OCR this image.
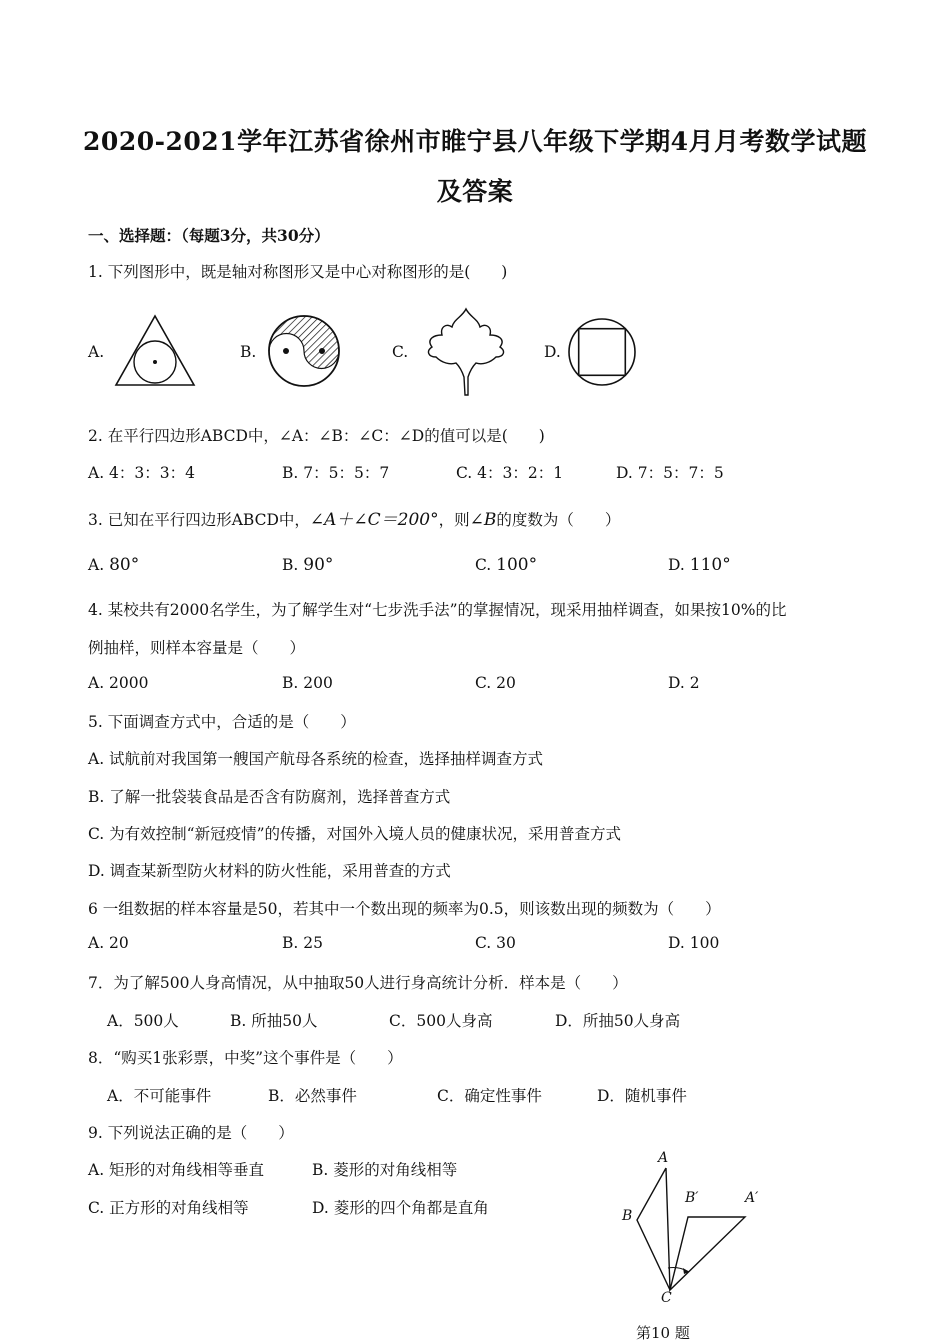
2020-2021学年江苏省徐州市睢宁县八年级下学期4月月考数学试题
及答案
一、选择题：（每题3分，共30分）
1. 下列图形中，既是轴对称图形又是中心对称图形的是(　　)
A.	B.	C.	D.
2. 在平行四边形ABCD中，∠A：∠B：∠C：∠D的值可以是(　　)
A. 4：3：3：4	B. 7：5：5：7	C. 4：3：2：1	D. 7：5：7：5
3. 已知在平行四边形ABCD中，∠A＋∠C＝200°，则∠B的度数为（　　）
A. 80°	B. 90°	C. 100°	D. 110°
4. 某校共有2000名学生，为了解学生对“七步洗手法”的掌握情况，现采用抽样调查，如果按10%的比
例抽样，则样本容量是（　　）
A. 2000	B. 200	C. 20	D. 2
5. 下面调查方式中，合适的是（　　）
A. 试航前对我国第一艘国产航母各系统的检查，选择抽样调查方式
B. 了解一批袋装食品是否含有防腐剂，选择普查方式
C. 为有效控制“新冠疫情”的传播，对国外入境人员的健康状况，采用普查方式
D. 调查某新型防火材料的防火性能，采用普查的方式
6 一组数据的样本容量是50，若其中一个数出现的频率为0.5，则该数出现的频数为（　　）
A. 20	B. 25	C. 30	D. 100
7．为了解500人身高情况，从中抽取50人进行身高统计分析．样本是（　　）
A．500人	B. 所抽50人	C．500人身高	D．所抽50人身高
8．“购买1张彩票，中奖”这个事件是（　　）
A．不可能事件	B．必然事件	C．确定性事件	D．随机事件
9. 下列说法正确的是（　　）
A. 矩形的对角线相等垂直	B. 菱形的对角线相等
C. 正方形的对角线相等	D. 菱形的四个角都是直角
A
B
B′	A′
C
第10 题
